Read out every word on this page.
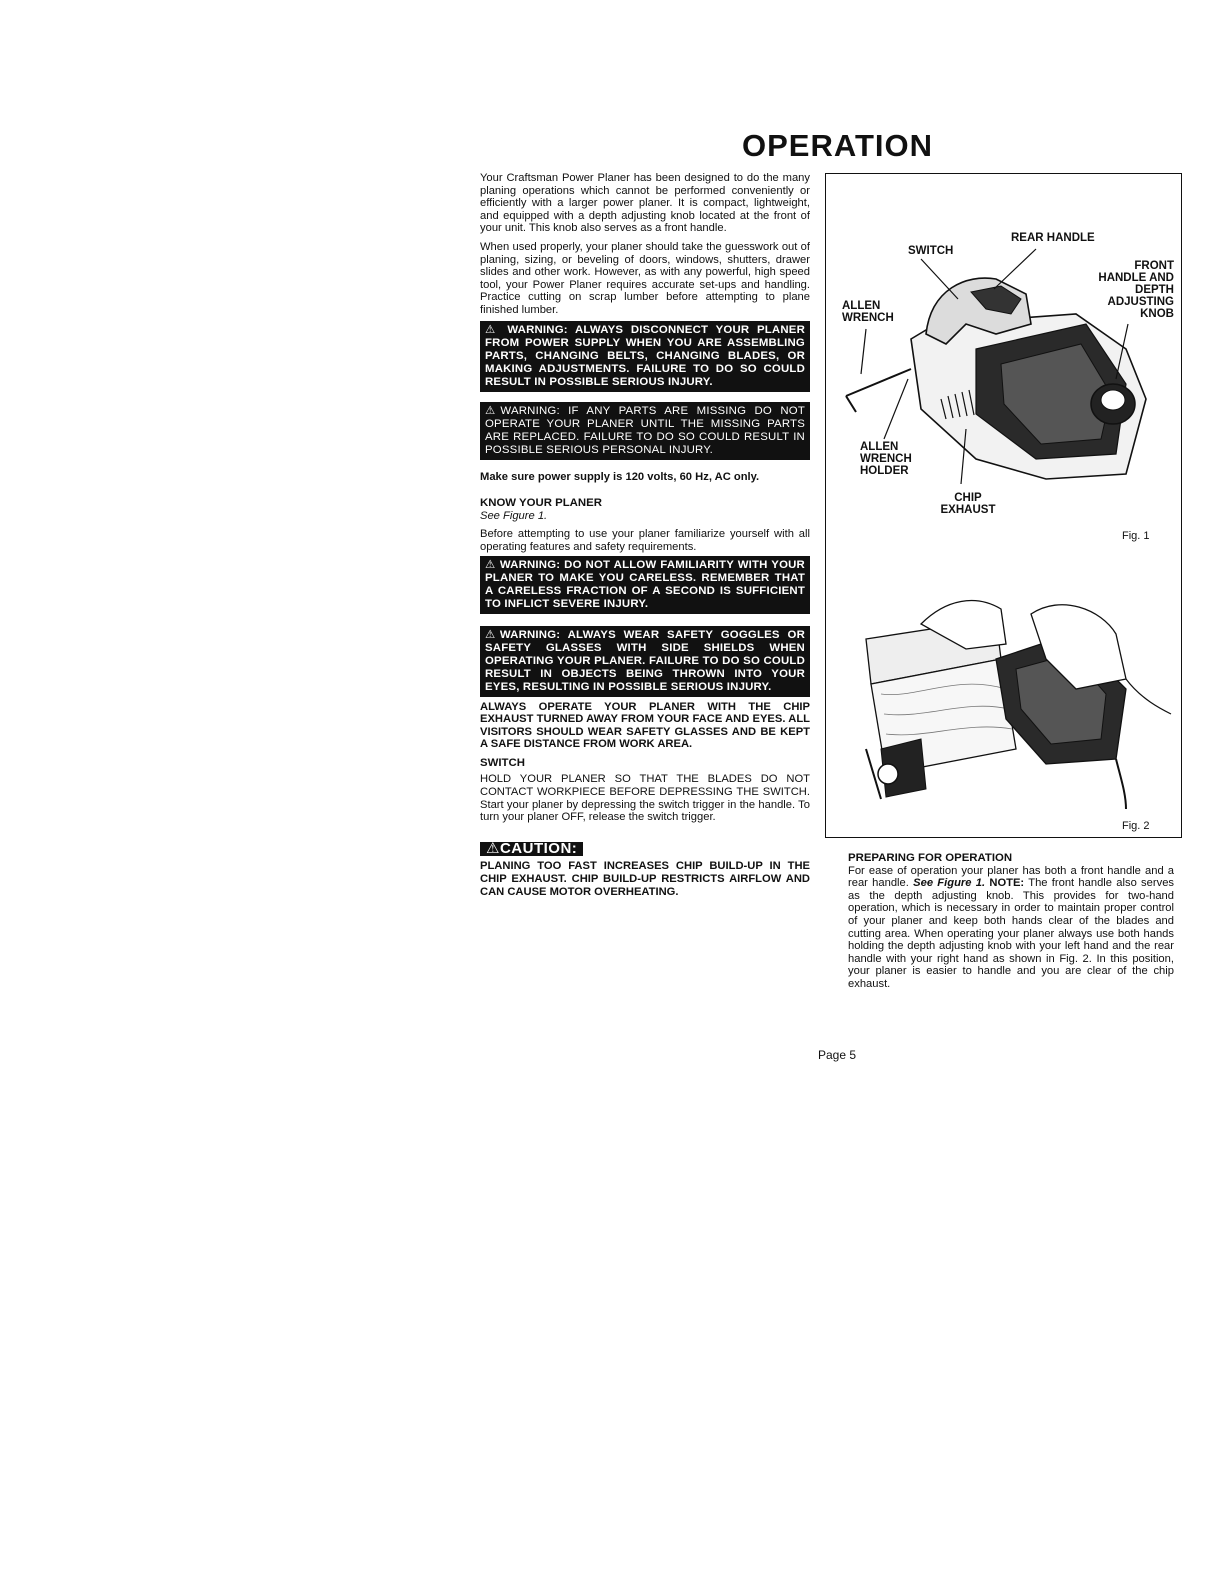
OPERATION

Your Craftsman Power Planer has been designed to do the many planing operations which cannot be performed conveniently or efficiently with a larger power planer. It is compact, lightweight, and equipped with a depth adjusting knob located at the front of your unit. This knob also serves as a front handle.

When used properly, your planer should take the guesswork out of planing, sizing, or beveling of doors, windows, shutters, drawer slides and other work. However, as with any powerful, high speed tool, your Power Planer requires accurate set-ups and handling. Practice cutting on scrap lumber before attempting to plane finished lumber.

⚠ WARNING: ALWAYS DISCONNECT YOUR PLANER FROM POWER SUPPLY WHEN YOU ARE ASSEMBLING PARTS, CHANGING BELTS, CHANGING BLADES, OR MAKING ADJUSTMENTS. FAILURE TO DO SO COULD RESULT IN POSSIBLE SERIOUS INJURY.
⚠WARNING: IF ANY PARTS ARE MISSING DO NOT OPERATE YOUR PLANER UNTIL THE MISSING PARTS ARE REPLACED. FAILURE TO DO SO COULD RESULT IN POSSIBLE SERIOUS PERSONAL INJURY.

Make sure power supply is 120 volts, 60 Hz, AC only.

KNOW YOUR PLANER
See Figure 1.

Before attempting to use your planer familiarize yourself with all operating features and safety requirements.

⚠ WARNING: DO NOT ALLOW FAMILIARITY WITH YOUR PLANER TO MAKE YOU CARELESS. REMEMBER THAT A CARELESS FRACTION OF A SECOND IS SUFFICIENT TO INFLICT SEVERE INJURY.
⚠WARNING: ALWAYS WEAR SAFETY GOGGLES OR SAFETY GLASSES WITH SIDE SHIELDS WHEN OPERATING YOUR PLANER. FAILURE TO DO SO COULD RESULT IN OBJECTS BEING THROWN INTO YOUR EYES, RESULTING IN POSSIBLE SERIOUS INJURY.

ALWAYS OPERATE YOUR PLANER WITH THE CHIP EXHAUST TURNED AWAY FROM YOUR FACE AND EYES. ALL VISITORS SHOULD WEAR SAFETY GLASSES AND BE KEPT A SAFE DISTANCE FROM WORK AREA.

SWITCH

HOLD YOUR PLANER SO THAT THE BLADES DO NOT CONTACT WORKPIECE BEFORE DEPRESSING THE SWITCH. Start your planer by depressing the switch trigger in the handle. To turn your planer OFF, release the switch trigger.

⚠CAUTION:

PLANING TOO FAST INCREASES CHIP BUILD-UP IN THE CHIP EXHAUST. CHIP BUILD-UP RESTRICTS AIRFLOW AND CAN CAUSE MOTOR OVERHEATING.

REAR HANDLE
SWITCH
FRONT HANDLE AND DEPTH ADJUSTING KNOB
ALLEN WRENCH
ALLEN WRENCH HOLDER
CHIP EXHAUST
Fig. 1
Fig. 2
PREPARING FOR OPERATION

For ease of operation your planer has both a front handle and a rear handle. See Figure 1. NOTE: The front handle also serves as the depth adjusting knob. This provides for two-hand operation, which is necessary in order to maintain proper control of your planer and keep both hands clear of the blades and cutting area. When operating your planer always use both hands holding the depth adjusting knob with your left hand and the rear handle with your right hand as shown in Fig. 2. In this position, your planer is easier to handle and you are clear of the chip exhaust.

Page 5
